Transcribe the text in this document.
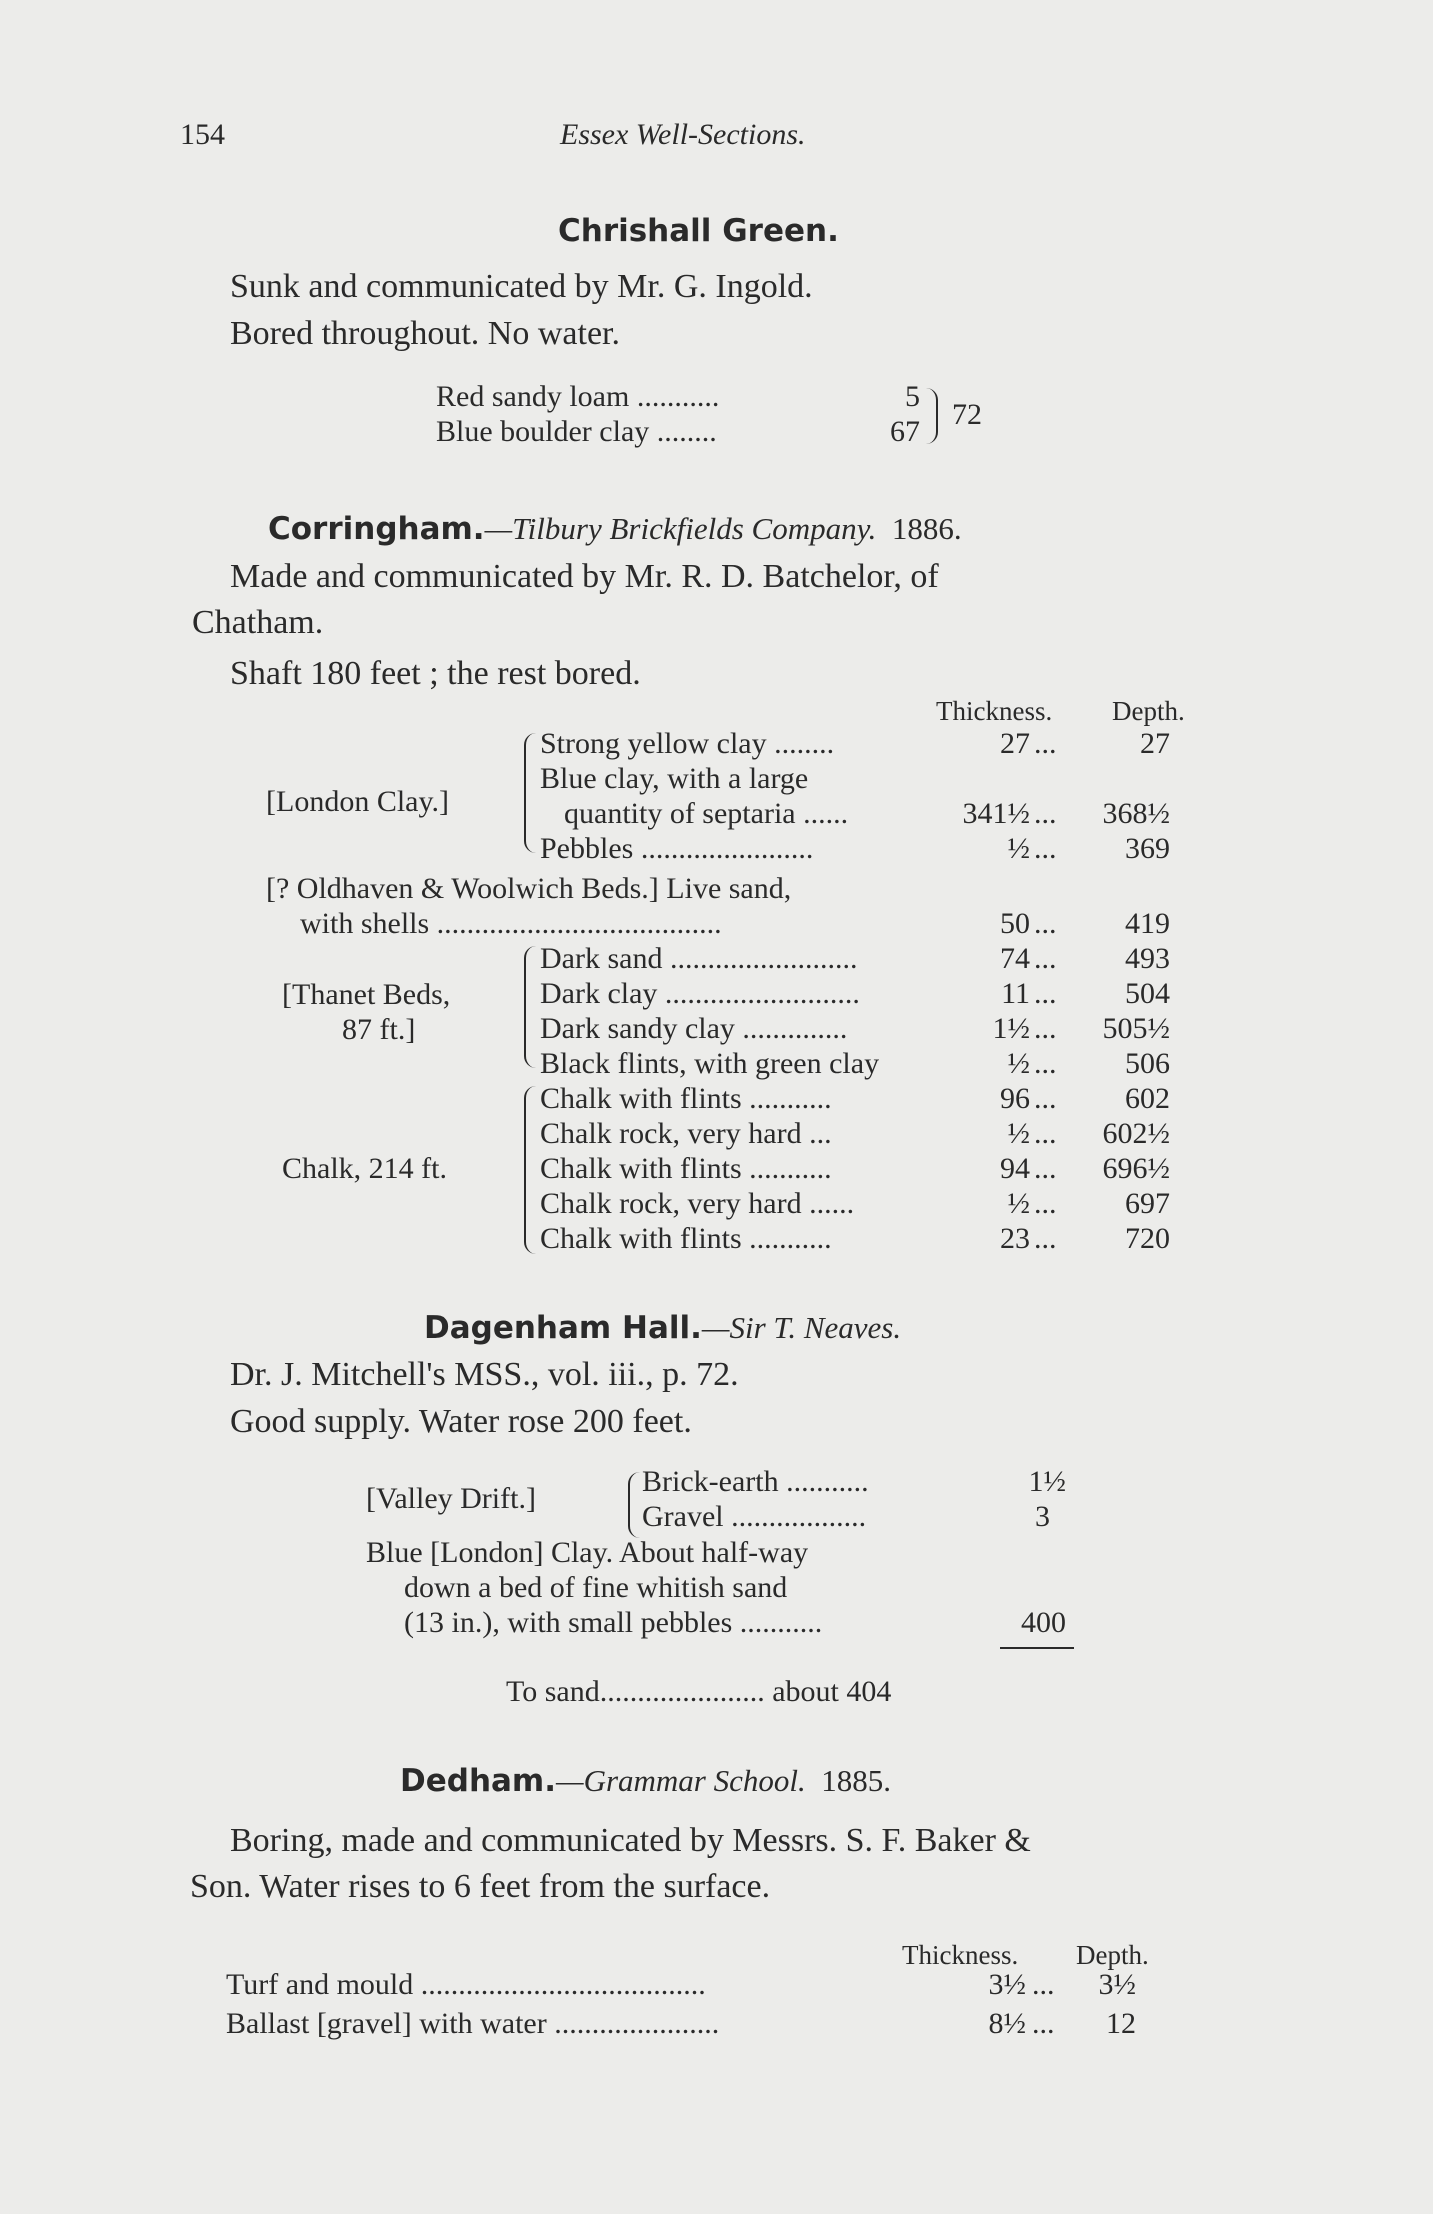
154	Essex Well-Sections.
Chrishall Green.
Sunk and communicated by Mr. G. Ingold.
Bored throughout. No water.
Red sandy loam ...........	5
Blue boulder clay ........	67
72
Corringham.—Tilbury Brickfields Company. 1886.
Made and communicated by Mr. R. D. Batchelor, of
Chatham.
Shaft 180 feet ; the rest bored.
Thickness. Depth.
[London Clay.]
Strong yellow clay ........	27 ...	27
Blue clay, with a large
quantity of septaria ......	341½ ...	368½
Pebbles .......................	½ ...	369
[? Oldhaven & Woolwich Beds.] Live sand,
with shells ......................................	50 ...	419
[Thanet Beds,
87 ft.]
Dark sand .........................	74 ...	493
Dark clay ..........................	11 ...	504
Dark sandy clay ..............	1½ ...	505½
Black flints, with green clay	½ ...	506
Chalk, 214 ft.
Chalk with flints ...........	96 ...	602
Chalk rock, very hard ...	½ ...	602½
Chalk with flints ...........	94 ...	696½
Chalk rock, very hard ......	½ ...	697
Chalk with flints ...........	23 ...	720
Dagenham Hall.—Sir T. Neaves.
Dr. J. Mitchell's MSS., vol. iii., p. 72.
Good supply. Water rose 200 feet.
[Valley Drift.]
Brick-earth ...........	1½
Gravel ..................	3
Blue [London] Clay. About half-way
down a bed of fine whitish sand
(13 in.), with small pebbles ...........	400
To sand...................... about 404
Dedham.—Grammar School. 1885.
Boring, made and communicated by Messrs. S. F. Baker &
Son. Water rises to 6 feet from the surface.
Thickness. Depth.
Turf and mould ......................................	3½ ...	3½
Ballast [gravel] with water ......................	8½ ...	12
